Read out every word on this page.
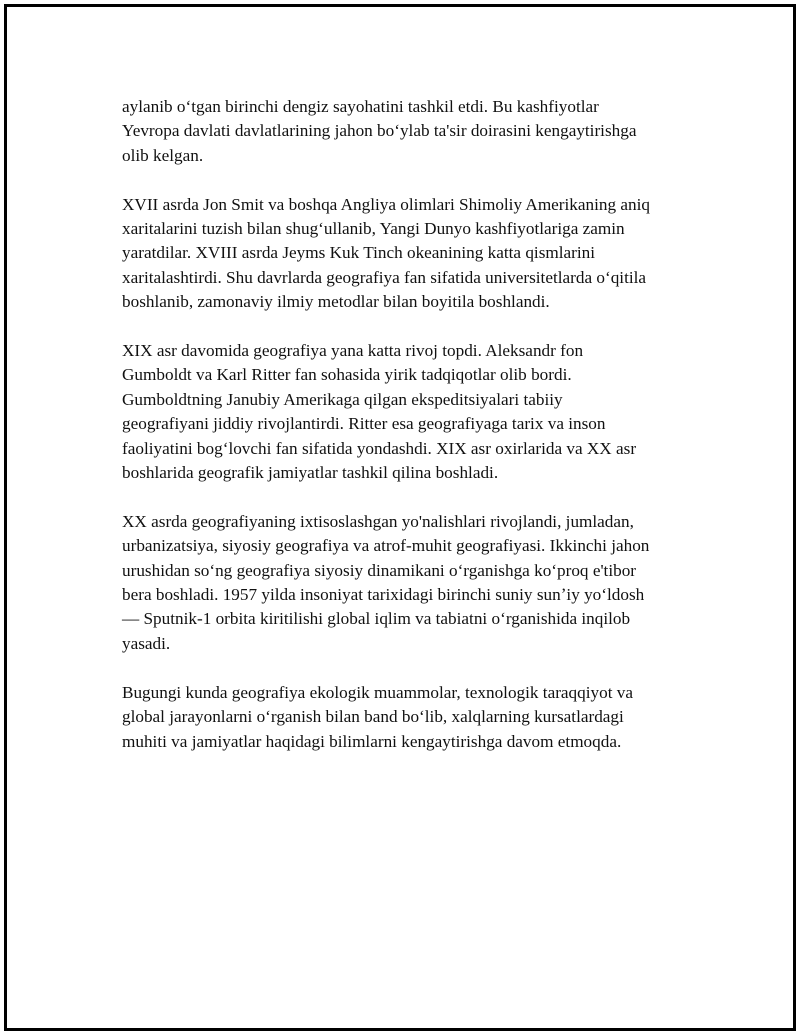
aylanib oʻtgan birinchi dengiz sayohatini tashkil etdi. Bu kashfiyotlar
Yevropa davlati davlatlarining jahon boʻylab ta'sir doirasini kengaytirishga
olib kelgan.

XVII asrda Jon Smit va boshqa Angliya olimlari Shimoliy Amerikaning aniq
xaritalarini tuzish bilan shugʻullanib, Yangi Dunyo kashfiyotlariga zamin
yaratdilar. XVIII asrda Jeyms Kuk Tinch okeanining katta qismlarini
xaritalashtirdi. Shu davrlarda geografiya fan sifatida universitetlarda oʻqitila
boshlanib, zamonaviy ilmiy metodlar bilan boyitila boshlandi.

XIX asr davomida geografiya yana katta rivoj topdi. Aleksandr fon
Gumboldt va Karl Ritter fan sohasida yirik tadqiqotlar olib bordi.
Gumboldtning Janubiy Amerikaga qilgan ekspeditsiyalari tabiiy
geografiyani jiddiy rivojlantirdi. Ritter esa geografiyaga tarix va inson
faoliyatini bogʻlovchi fan sifatida yondashdi. XIX asr oxirlarida va XX asr
boshlarida geografik jamiyatlar tashkil qilina boshladi.

XX asrda geografiyaning ixtisoslashgan yo'nalishlari rivojlandi, jumladan,
urbanizatsiya, siyosiy geografiya va atrof-muhit geografiyasi. Ikkinchi jahon
urushidan soʻng geografiya siyosiy dinamikani oʻrganishga koʻproq e'tibor
bera boshladi. 1957 yilda insoniyat tarixidagi birinchi suniy sunʼiy yoʻldosh
— Sputnik-1 orbita kiritilishi global iqlim va tabiatni oʻrganishida inqilob
yasadi.

Bugungi kunda geografiya ekologik muammolar, texnologik taraqqiyot va
global jarayonlarni oʻrganish bilan band boʻlib, xalqlarning kursatlardagi
muhiti va jamiyatlar haqidagi bilimlarni kengaytirishga davom etmoqda.
